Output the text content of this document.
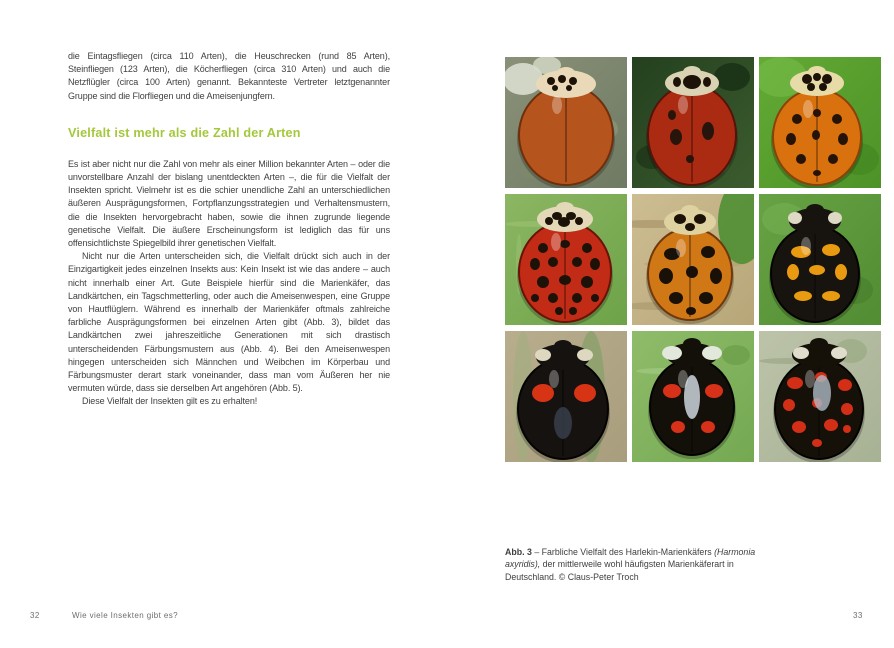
die Eintagsfliegen (circa 110 Arten), die Heuschrecken (rund 85 Arten), Steinfliegen (123 Arten), die Köcherfliegen (circa 310 Arten) und auch die Netzflügler (circa 100 Arten) genannt. Bekannteste Vertreter letztgenannter Gruppe sind die Florfliegen und die Ameisenjungfern.

Vielfalt ist mehr als die Zahl der Arten

Es ist aber nicht nur die Zahl von mehr als einer Million bekannter Arten – oder die unvorstellbare Anzahl der bislang unentdeckten Arten –, die für die Vielfalt der Insekten spricht. Vielmehr ist es die schier unendliche Zahl an unterschiedlichen äußeren Ausprägungsformen, Fortpflanzungsstrategien und Verhaltensmustern, die die Insekten hervorgebracht haben, sowie die ihnen zugrunde liegende genetische Vielfalt. Die äußere Erscheinungsform ist lediglich das für uns offensichtlichste Spiegelbild ihrer genetischen Vielfalt.

Nicht nur die Arten unterscheiden sich, die Vielfalt drückt sich auch in der Einzigartigkeit jedes einzelnen Insekts aus: Kein Insekt ist wie das andere – auch nicht innerhalb einer Art. Gute Beispiele hierfür sind die Marienkäfer, das Landkärtchen, ein Tagschmetterling, oder auch die Ameisenwespen, eine Gruppe von Hautflüglern. Während es innerhalb der Marienkäfer oftmals zahlreiche farbliche Ausprägungsformen bei einzelnen Arten gibt (Abb. 3), bildet das Landkärtchen zwei jahreszeitliche Generationen mit sich drastisch unterscheidenden Färbungsmustern aus (Abb. 4). Bei den Ameisenwespen hingegen unterscheiden sich Männchen und Weibchen im Körperbau und Färbungsmuster derart stark voneinander, dass man vom Äußeren her nie vermuten würde, dass sie derselben Art angehören (Abb. 5).

Diese Vielfalt der Insekten gilt es zu erhalten!

Abb. 3 – Farbliche Vielfalt des Harlekin-Marienkäfers (Harmonia axyridis), der mittlerweile wohl häufigsten Marienkäferart in Deutschland. © Claus-Peter Troch
32	Wie viele Insekten gibt es?	33
